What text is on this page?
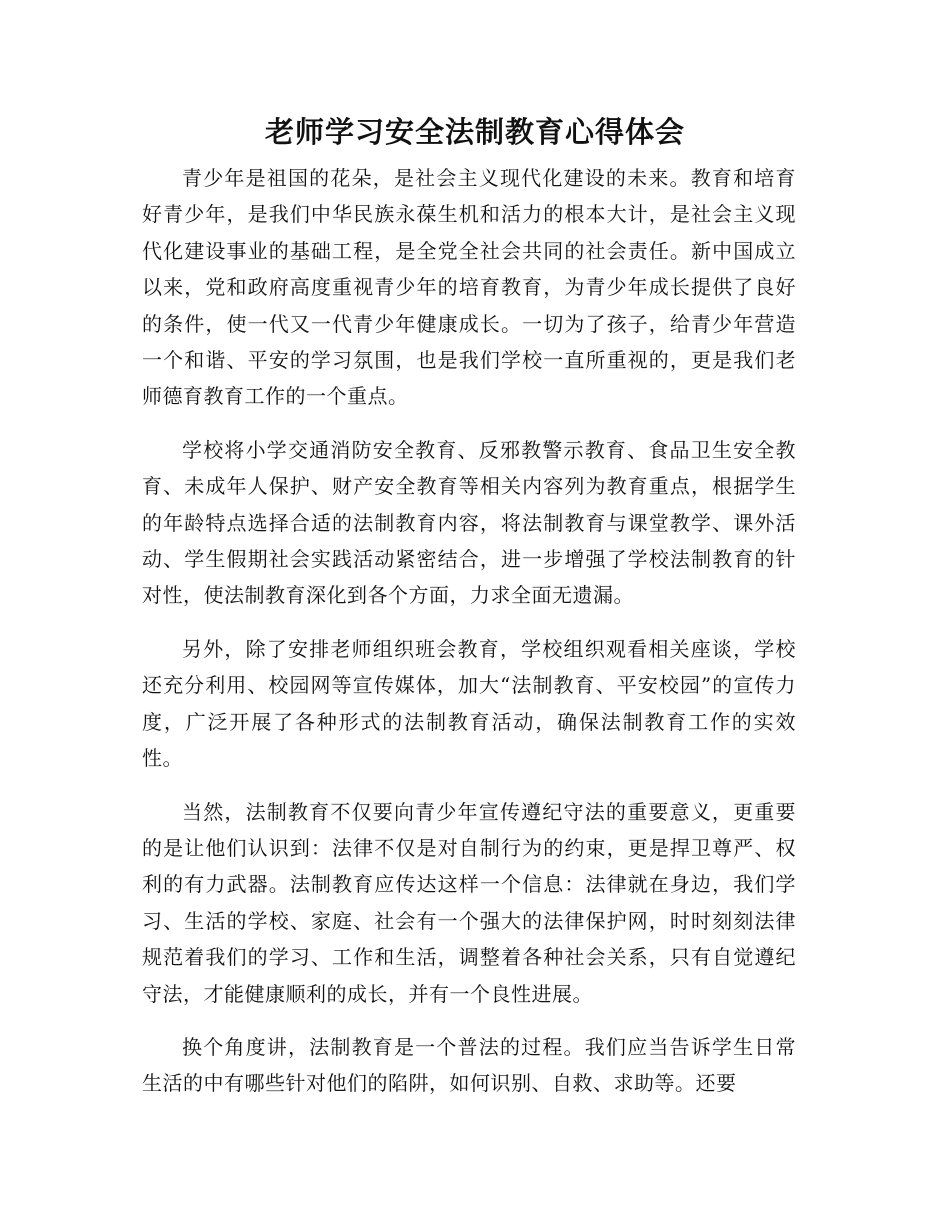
老师学习安全法制教育心得体会

青少年是祖国的花朵，是社会主义现代化建设的未来。教育和培育好青少年，是我们中华民族永葆生机和活力的根本大计，是社会主义现代化建设事业的基础工程，是全党全社会共同的社会责任。新中国成立以来，党和政府高度重视青少年的培育教育，为青少年成长提供了良好的条件，使一代又一代青少年健康成长。一切为了孩子，给青少年营造一个和谐、平安的学习氛围，也是我们学校一直所重视的，更是我们老师德育教育工作的一个重点。

学校将小学交通消防安全教育、反邪教警示教育、食品卫生安全教育、未成年人保护、财产安全教育等相关内容列为教育重点，根据学生的年龄特点选择合适的法制教育内容，将法制教育与课堂教学、课外活动、学生假期社会实践活动紧密结合，进一步增强了学校法制教育的针对性，使法制教育深化到各个方面，力求全面无遗漏。

另外，除了安排老师组织班会教育，学校组织观看相关座谈，学校还充分利用、校园网等宣传媒体，加大“法制教育、平安校园”的宣传力度，广泛开展了各种形式的法制教育活动，确保法制教育工作的实效性。

当然，法制教育不仅要向青少年宣传遵纪守法的重要意义，更重要的是让他们认识到：法律不仅是对自制行为的约束，更是捍卫尊严、权利的有力武器。法制教育应传达这样一个信息：法律就在身边，我们学习、生活的学校、家庭、社会有一个强大的法律保护网，时时刻刻法律规范着我们的学习、工作和生活，调整着各种社会关系，只有自觉遵纪守法，才能健康顺利的成长，并有一个良性进展。

换个角度讲，法制教育是一个普法的过程。我们应当告诉学生日常生活的中有哪些针对他们的陷阱，如何识别、自救、求助等。还要
